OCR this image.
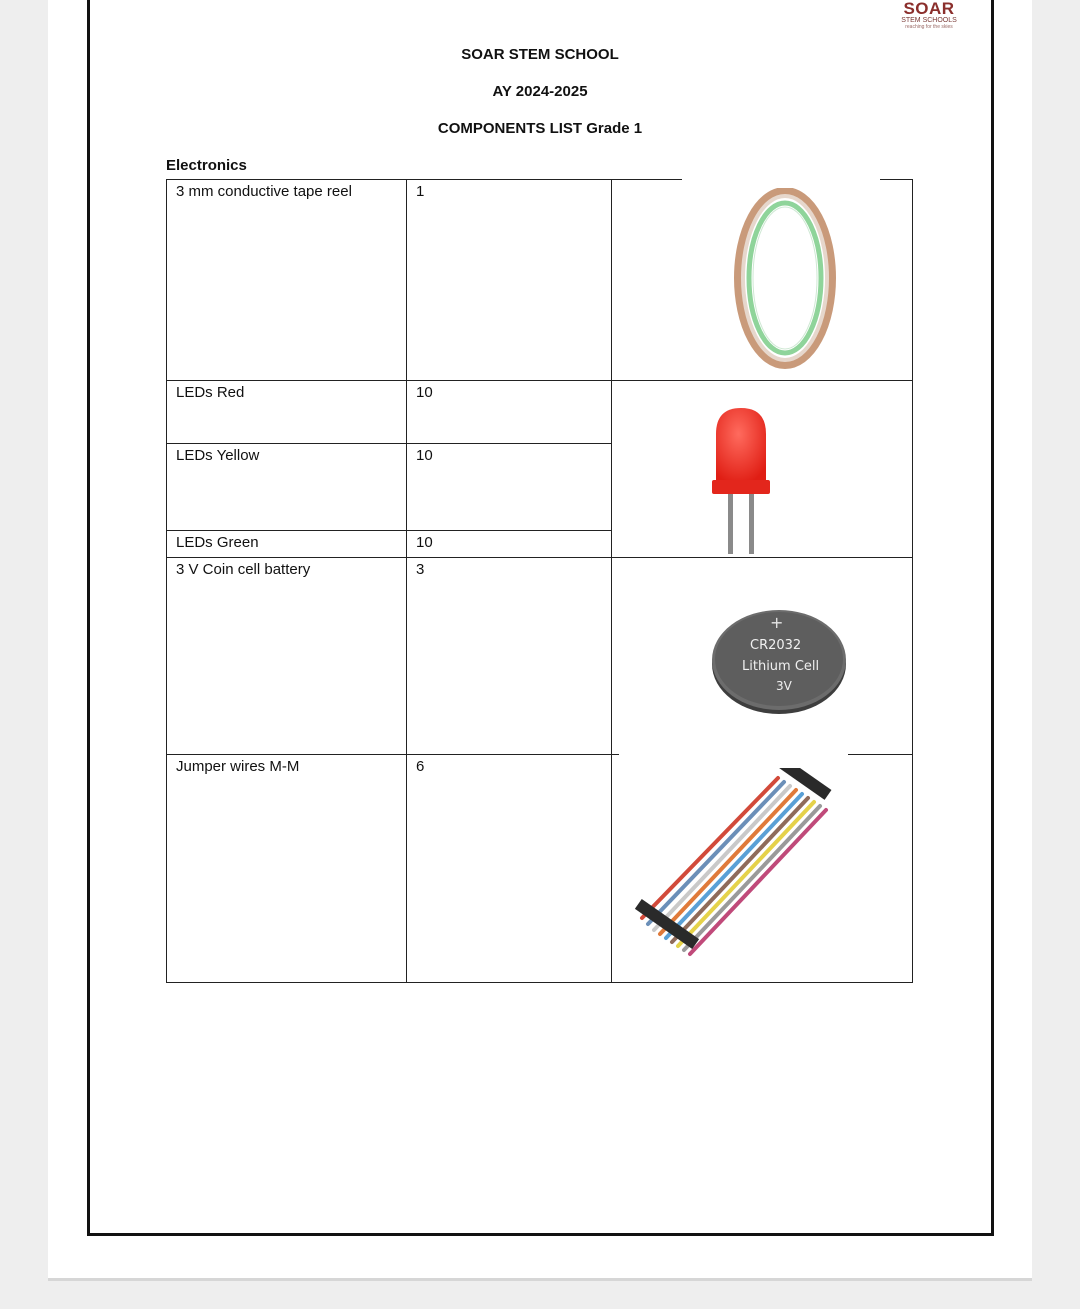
SOAR
STEM SCHOOLS
reaching for the skies
SOAR STEM SCHOOL
AY 2024-2025
COMPONENTS LIST Grade 1
Electronics
3 mm conductive tape reel	1
LEDs Red	10
LEDs Yellow	10
LEDs Green	10
3 V Coin cell battery	3
Jumper wires M-M	6
+
CR2032
Lithium Cell
3V
